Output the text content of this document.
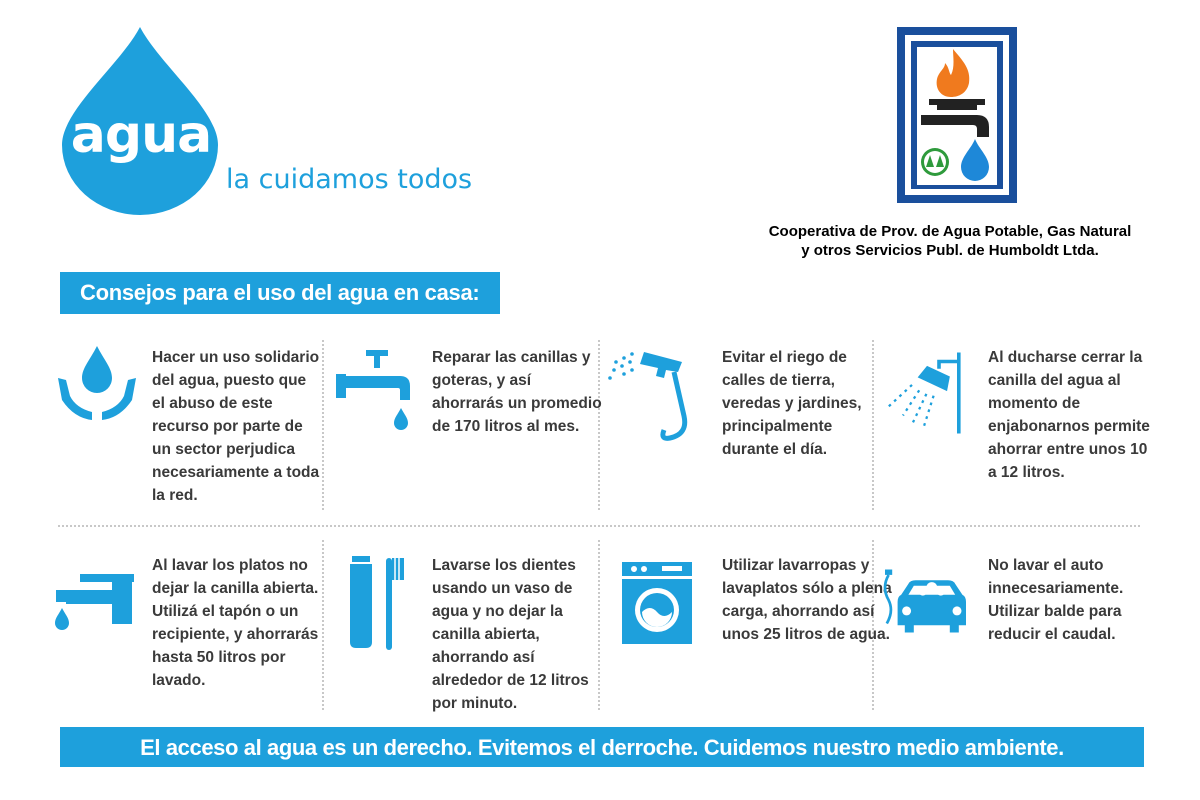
agua
la cuidamos todos
Cooperativa de Prov. de Agua Potable, Gas Natural
y otros Servicios Publ. de Humboldt Ltda.
Consejos para el uso del agua en casa:
Hacer un uso solidario del agua, puesto que el abuso de este recurso por parte de un sector perjudica necesariamente a toda la red.
Reparar las canillas y goteras, y así ahorrarás un promedio de 170 litros al mes.
Evitar el riego de calles de tierra, veredas y jardines, principalmente durante el día.
Al ducharse cerrar la canilla del agua al momento de enjabonarnos permite ahorrar entre unos 10 a 12 litros.
Al lavar los platos no dejar la canilla abierta. Utilizá el tapón o un recipiente, y ahorrarás hasta 50 litros por lavado.
Lavarse los dientes usando un vaso de agua y no dejar la canilla abierta, ahorrando así alrededor de 12 litros por minuto.
Utilizar lavarropas y lavaplatos sólo a plena carga, ahorrando así unos 25 litros de agua.
No lavar el auto innecesariamente. Utilizar balde para reducir el caudal.
El acceso al agua es un derecho. Evitemos el derroche. Cuidemos nuestro medio ambiente.
